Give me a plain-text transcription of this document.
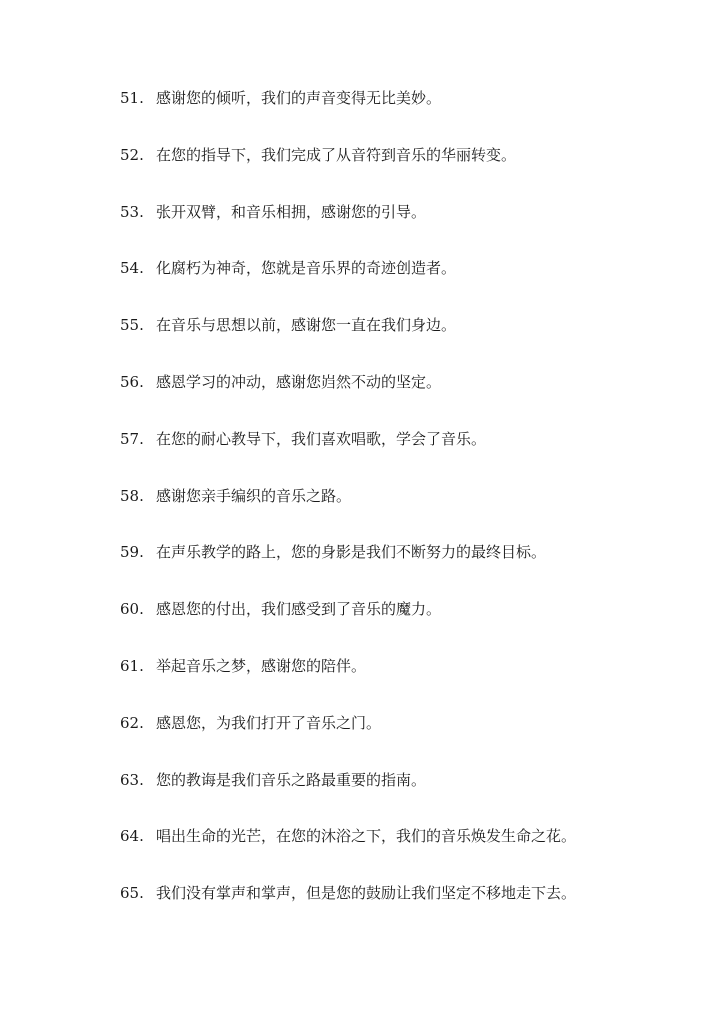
51. 感谢您的倾听，我们的声音变得无比美妙。
52. 在您的指导下，我们完成了从音符到音乐的华丽转变。
53. 张开双臂，和音乐相拥，感谢您的引导。
54. 化腐朽为神奇，您就是音乐界的奇迹创造者。
55. 在音乐与思想以前，感谢您一直在我们身边。
56. 感恩学习的冲动，感谢您岿然不动的坚定。
57. 在您的耐心教导下，我们喜欢唱歌，学会了音乐。
58. 感谢您亲手编织的音乐之路。
59. 在声乐教学的路上，您的身影是我们不断努力的最终目标。
60. 感恩您的付出，我们感受到了音乐的魔力。
61. 举起音乐之梦，感谢您的陪伴。
62. 感恩您，为我们打开了音乐之门。
63. 您的教诲是我们音乐之路最重要的指南。
64. 唱出生命的光芒，在您的沐浴之下，我们的音乐焕发生命之花。
65. 我们没有掌声和掌声，但是您的鼓励让我们坚定不移地走下去。
